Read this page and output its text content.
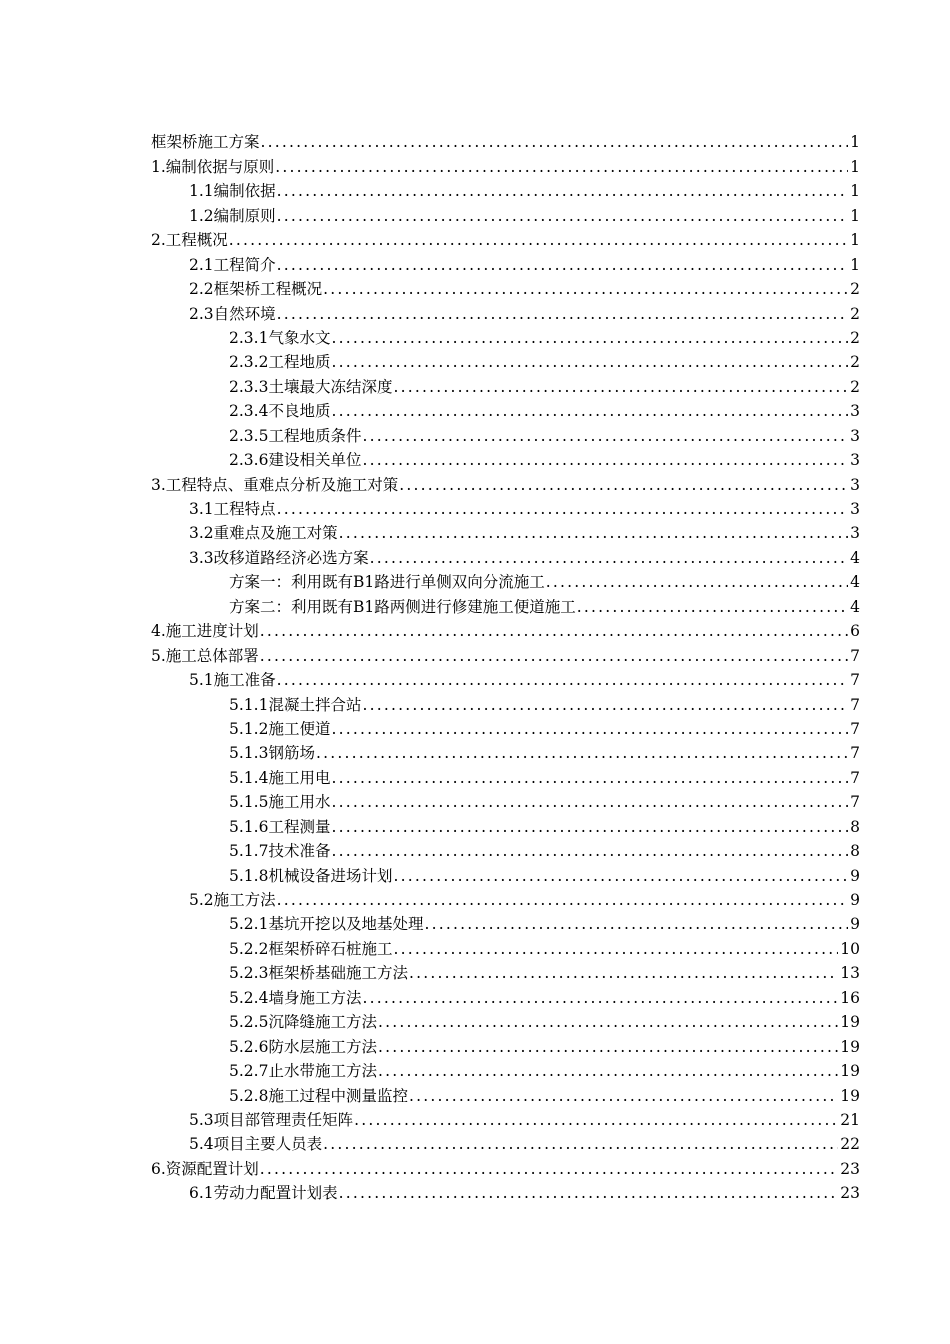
框架桥施工方案 .....	1
1.编制依据与原则 .....	1
1.1编制依据 .....	1
1.2编制原则 .....	1
2.工程概况 .....	1
2.1工程简介 .....	1
2.2框架桥工程概况 .....	2
2.3自然环境 .....	2
2.3.1气象水文 .....	2
2.3.2工程地质 .....	2
2.3.3土壤最大冻结深度 .....	2
2.3.4不良地质 .....	3
2.3.5工程地质条件 .....	3
2.3.6建设相关单位 .....	3
3.工程特点、重难点分析及施工对策 .....	3
3.1工程特点 .....	3
3.2重难点及施工对策 .....	3
3.3改移道路经济必选方案 .....	4
方案一：利用既有B1路进行单侧双向分流施工 .....	4
方案二：利用既有B1路两侧进行修建施工便道施工 .....	4
4.施工进度计划 .....	6
5.施工总体部署 .....	7
5.1施工准备 .....	7
5.1.1混凝土拌合站 .....	7
5.1.2施工便道 .....	7
5.1.3钢筋场 .....	7
5.1.4施工用电 .....	7
5.1.5施工用水 .....	7
5.1.6工程测量 .....	8
5.1.7技术准备 .....	8
5.1.8机械设备进场计划 .....	9
5.2施工方法 .....	9
5.2.1基坑开挖以及地基处理 .....	9
5.2.2框架桥碎石桩施工 .....	10
5.2.3框架桥基础施工方法 .....	13
5.2.4墙身施工方法 .....	16
5.2.5沉降缝施工方法 .....	19
5.2.6防水层施工方法 .....	19
5.2.7止水带施工方法 .....	19
5.2.8施工过程中测量监控 .....	19
5.3项目部管理责任矩阵 .....	21
5.4项目主要人员表 .....	22
6.资源配置计划 .....	23
6.1劳动力配置计划表 .....	23
